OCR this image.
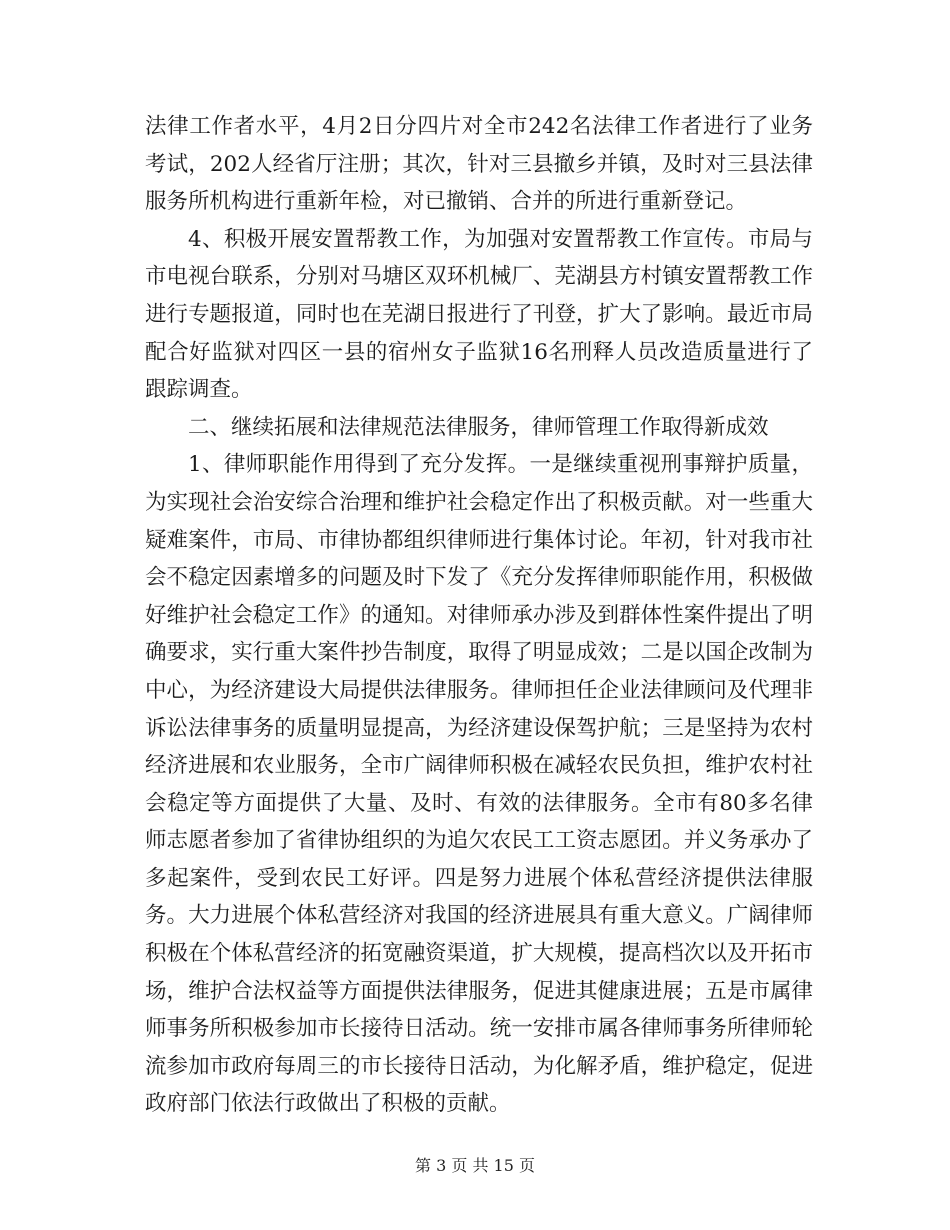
法律工作者水平，4月2日分四片对全市242名法律工作者进行了业务考试，202人经省厅注册；其次，针对三县撤乡并镇，及时对三县法律服务所机构进行重新年检，对已撤销、合并的所进行重新登记。

4、积极开展安置帮教工作，为加强对安置帮教工作宣传。市局与市电视台联系，分别对马塘区双环机械厂、芜湖县方村镇安置帮教工作进行专题报道，同时也在芜湖日报进行了刊登，扩大了影响。最近市局配合好监狱对四区一县的宿州女子监狱16名刑释人员改造质量进行了跟踪调查。

二、继续拓展和法律规范法律服务，律师管理工作取得新成效

1、律师职能作用得到了充分发挥。一是继续重视刑事辩护质量，为实现社会治安综合治理和维护社会稳定作出了积极贡献。对一些重大疑难案件，市局、市律协都组织律师进行集体讨论。年初，针对我市社会不稳定因素增多的问题及时下发了《充分发挥律师职能作用，积极做好维护社会稳定工作》的通知。对律师承办涉及到群体性案件提出了明确要求，实行重大案件抄告制度，取得了明显成效；二是以国企改制为中心，为经济建设大局提供法律服务。律师担任企业法律顾问及代理非诉讼法律事务的质量明显提高，为经济建设保驾护航；三是坚持为农村经济进展和农业服务，全市广阔律师积极在减轻农民负担，维护农村社会稳定等方面提供了大量、及时、有效的法律服务。全市有80多名律师志愿者参加了省律协组织的为追欠农民工工资志愿团。并义务承办了多起案件，受到农民工好评。四是努力进展个体私营经济提供法律服务。大力进展个体私营经济对我国的经济进展具有重大意义。广阔律师积极在个体私营经济的拓宽融资渠道，扩大规模，提高档次以及开拓市场，维护合法权益等方面提供法律服务，促进其健康进展；五是市属律师事务所积极参加市长接待日活动。统一安排市属各律师事务所律师轮流参加市政府每周三的市长接待日活动，为化解矛盾，维护稳定，促进政府部门依法行政做出了积极的贡献。

第 3 页 共 15 页
